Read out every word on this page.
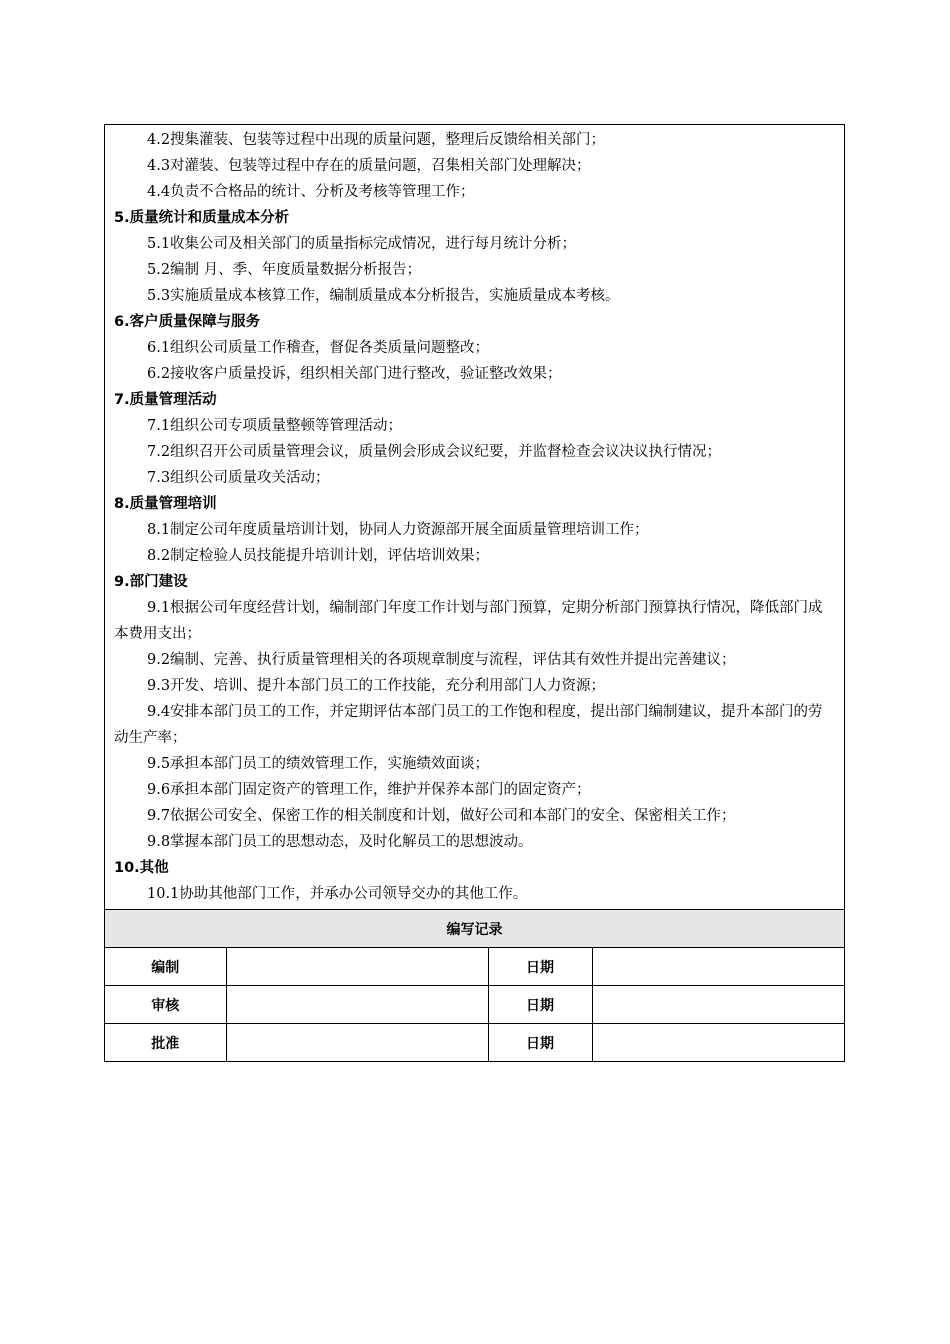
4.2搜集灌装、包装等过程中出现的质量问题，整理后反馈给相关部门；
4.3对灌装、包装等过程中存在的质量问题，召集相关部门处理解决；
4.4负责不合格品的统计、分析及考核等管理工作；
5.质量统计和质量成本分析
5.1收集公司及相关部门的质量指标完成情况，进行每月统计分析；
5.2编制 月、季、年度质量数据分析报告；
5.3实施质量成本核算工作，编制质量成本分析报告，实施质量成本考核。
6.客户质量保障与服务
6.1组织公司质量工作稽查，督促各类质量问题整改；
6.2接收客户质量投诉，组织相关部门进行整改，验证整改效果；
7.质量管理活动
7.1组织公司专项质量整顿等管理活动；
7.2组织召开公司质量管理会议，质量例会形成会议纪要，并监督检查会议决议执行情况；
7.3组织公司质量攻关活动；
8.质量管理培训
8.1制定公司年度质量培训计划，协同人力资源部开展全面质量管理培训工作；
8.2制定检验人员技能提升培训计划，评估培训效果；
9.部门建设
9.1根据公司年度经营计划，编制部门年度工作计划与部门预算，定期分析部门预算执行情况，降低部门成本费用支出；
9.2编制、完善、执行质量管理相关的各项规章制度与流程，评估其有效性并提出完善建议；
9.3开发、培训、提升本部门员工的工作技能，充分利用部门人力资源；
9.4安排本部门员工的工作，并定期评估本部门员工的工作饱和程度，提出部门编制建议，提升本部门的劳动生产率；
9.5承担本部门员工的绩效管理工作，实施绩效面谈；
9.6承担本部门固定资产的管理工作，维护并保养本部门的固定资产；
9.7依据公司安全、保密工作的相关制度和计划，做好公司和本部门的安全、保密相关工作；
9.8掌握本部门员工的思想动态，及时化解员工的思想波动。
10.其他
10.1协助其他部门工作，并承办公司领导交办的其他工作。
编写记录			
编制		日期	
审核		日期	
批准		日期	
